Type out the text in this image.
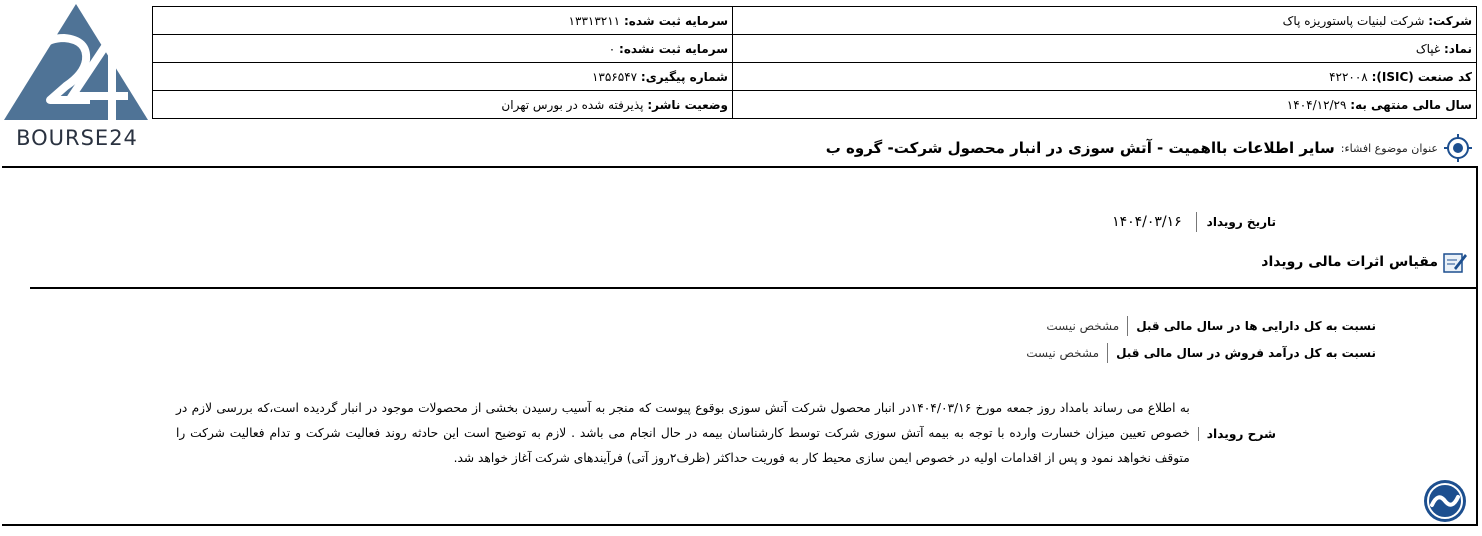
BOURSE24
شرکت: شرکت لبنیات پاستوریزه پاک	سرمایه ثبت شده: ۱۳۳۱۳۲۱۱
نماد: غپاک	سرمایه ثبت نشده: ۰
کد صنعت (ISIC): ۴۲۲۰۰۸	شماره پیگیری: ۱۳۵۶۵۴۷
سال مالی منتهی به: ۱۴۰۴/۱۲/۲۹	وضعیت ناشر: پذیرفته شده در بورس تهران
عنوان موضوع افشاء:
سایر اطلاعات بااهمیت - آتش سوزی در انبار محصول شرکت- گروه ب
تاریخ رویداد
۱۴۰۴/۰۳/۱۶
مقیاس اثرات مالی رویداد
نسبت به کل دارایی ها در سال مالی قبل
مشخص نیست
نسبت به کل درآمد فروش در سال مالی قبل
مشخص نیست
شرح رویداد
به اطلاع می رساند بامداد روز جمعه مورخ ۱۴۰۴/۰۳/۱۶در انبار محصول شرکت آتش سوزی بوقوع پیوست که منجر به آسیب رسیدن بخشی از محصولات موجود در انبار گردیده است،که بررسی لازم در خصوص تعیین میزان خسارت وارده با توجه به بیمه آتش سوزی شرکت توسط کارشناسان بیمه در حال انجام می باشد . لازم به توضیح است این حادثه روند فعالیت شرکت و تدام فعالیت شرکت را متوقف نخواهد نمود و پس از اقدامات اولیه در خصوص ایمن سازی محیط کار به فوریت حداکثر (ظرف۲روز آتی) فرآیندهای شرکت آغاز خواهد شد.
